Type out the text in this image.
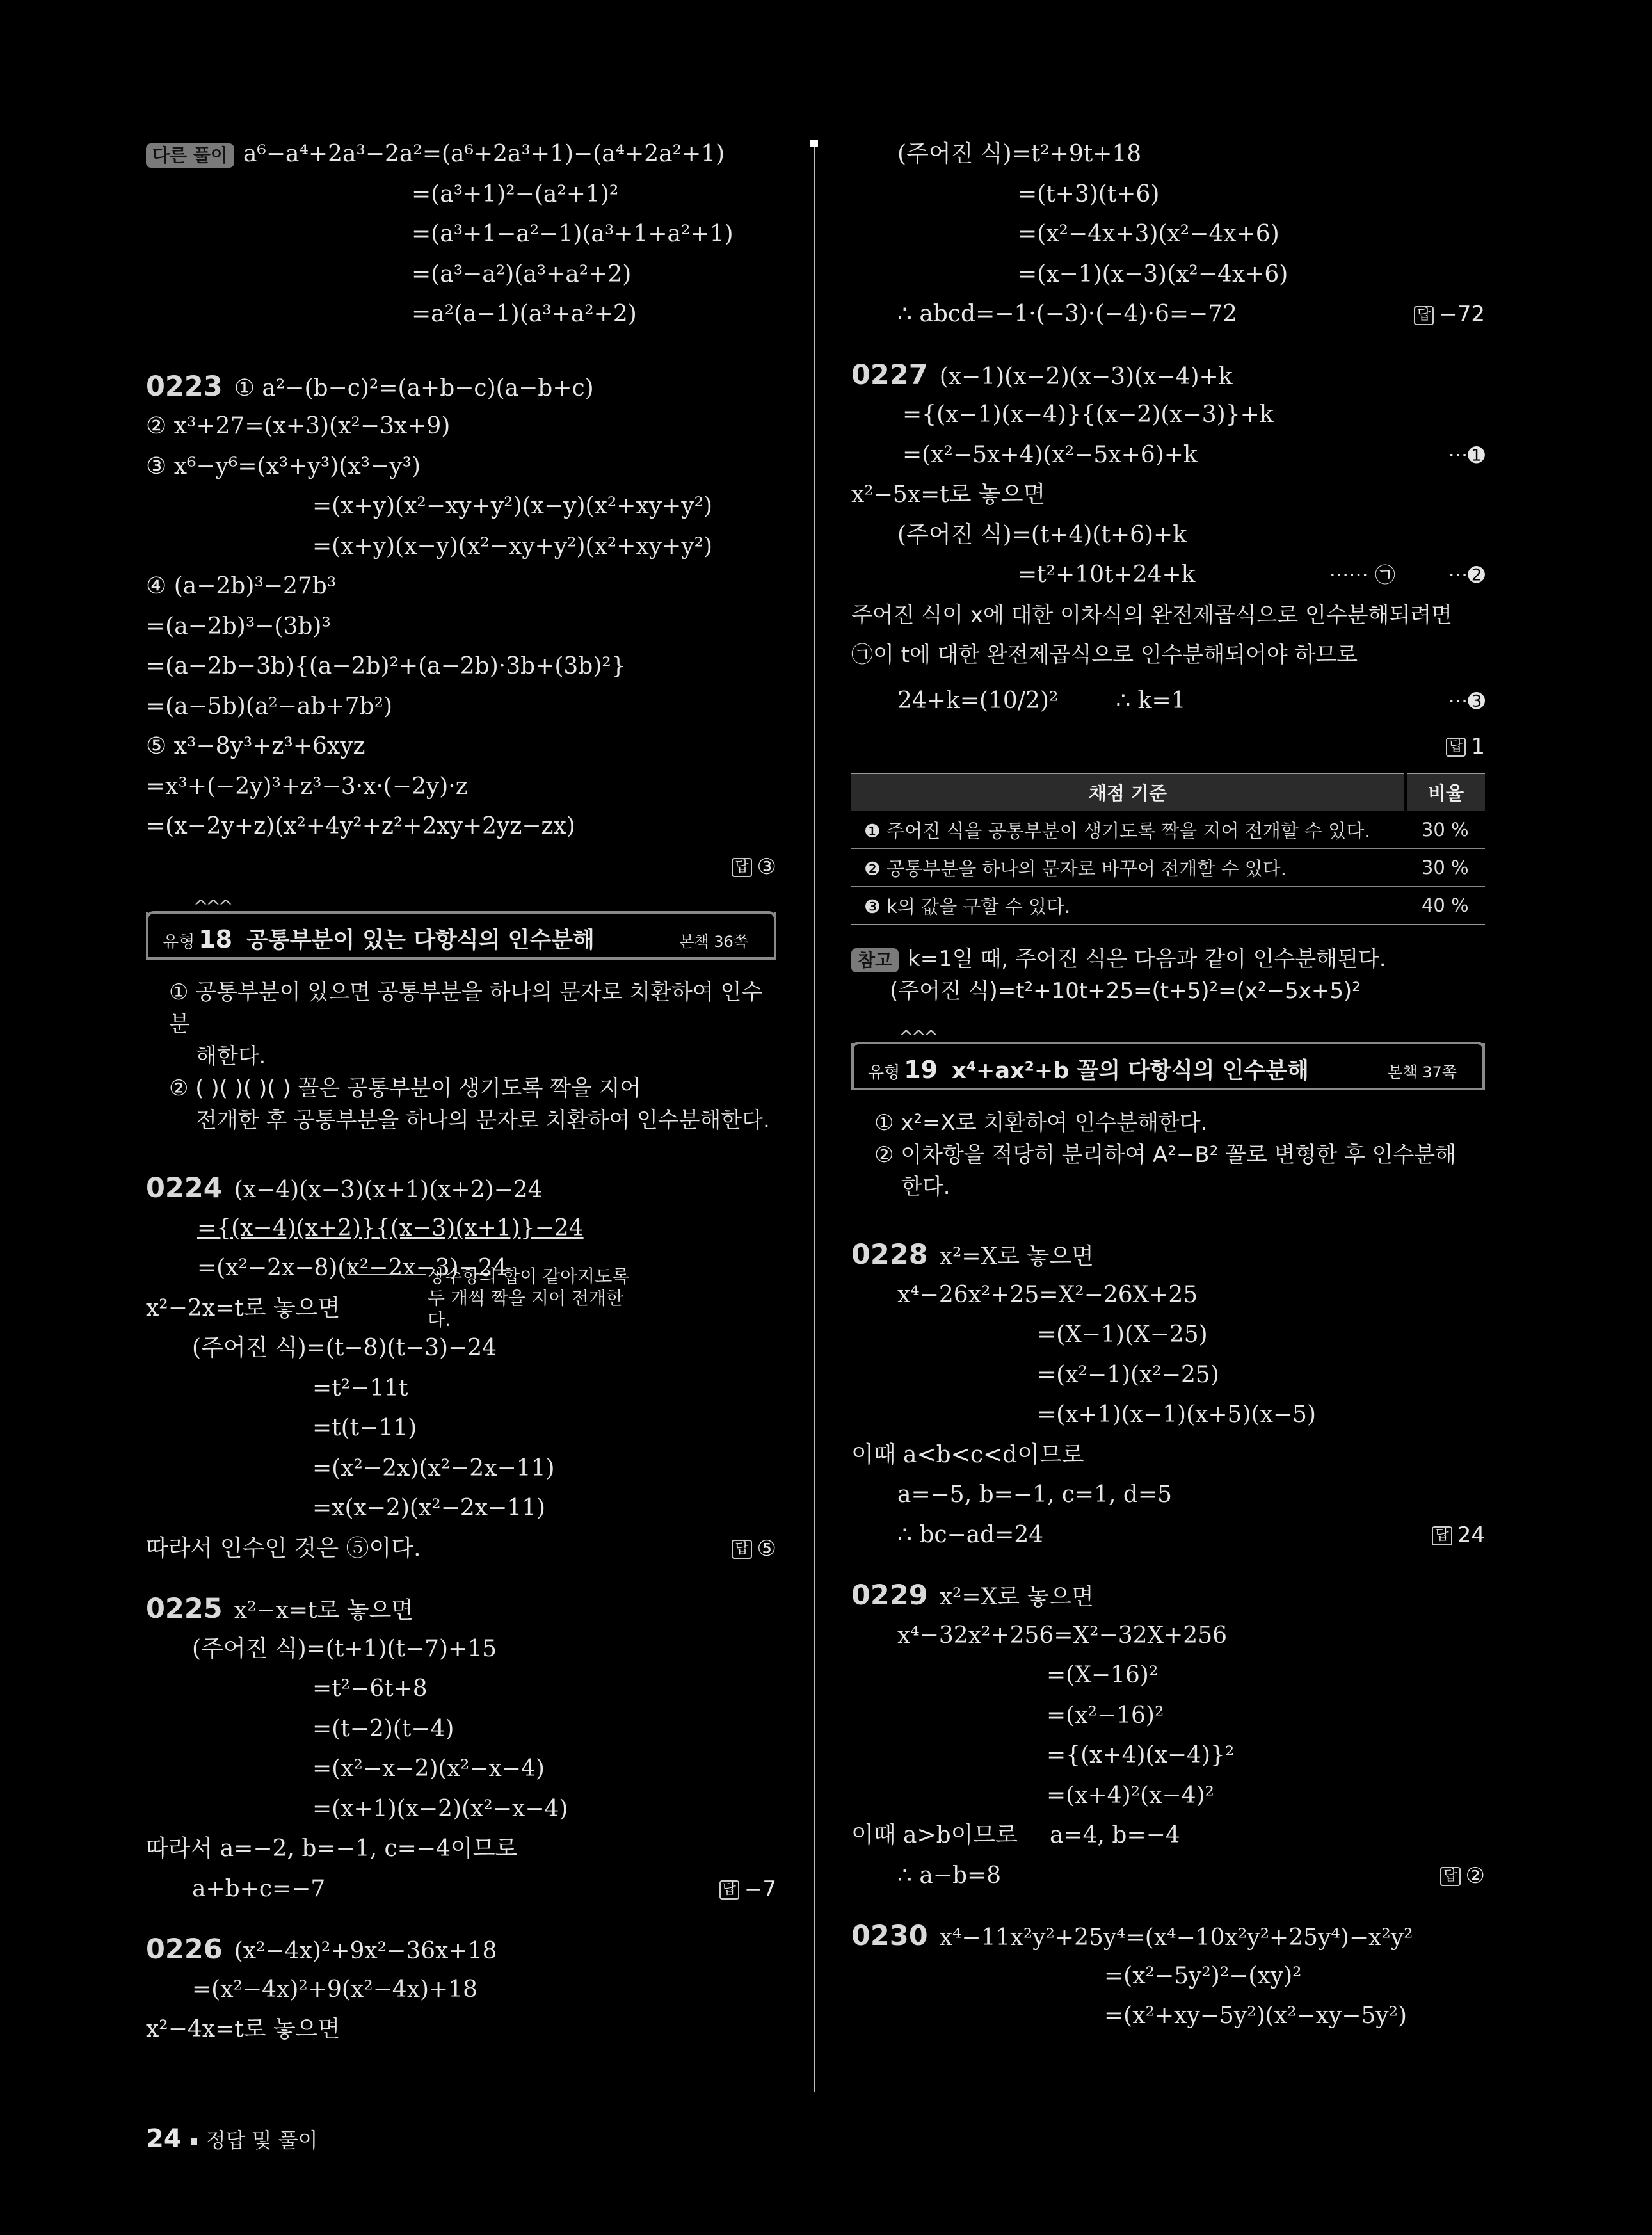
다른 풀이 a⁶−a⁴+2a³−2a²=(a⁶+2a³+1)−(a⁴+2a²+1)
=(a³+1)²−(a²+1)²
=(a³+1−a²−1)(a³+1+a²+1)
=(a³−a²)(a³+a²+2)
=a²(a−1)(a³+a²+2)
0223 ① a²−(b−c)²=(a+b−c)(a−b+c)
② x³+27=(x+3)(x²−3x+9)
③ x⁶−y⁶=(x³+y³)(x³−y³)
=(x+y)(x²−xy+y²)(x−y)(x²+xy+y²)
=(x+y)(x−y)(x²−xy+y²)(x²+xy+y²)
④ (a−2b)³−27b³
=(a−2b)³−(3b)³
=(a−2b−3b){(a−2b)²+(a−2b)·3b+(3b)²}
=(a−5b)(a²−ab+7b²)
⑤ x³−8y³+z³+6xyz
=x³+(−2y)³+z³−3·x·(−2y)·z
=(x−2y+z)(x²+4y²+z²+2xy+2yz−zx)
답 ③
^^^
유형 18 공통부분이 있는 다항식의 인수분해	본책 36쪽
① 공통부분이 있으면 공통부분을 하나의 문자로 치환하여 인수분
해한다.
② ( )( )( )( ) 꼴은 공통부분이 생기도록 짝을 지어
전개한 후 공통부분을 하나의 문자로 치환하여 인수분해한다.
0224 (x−4)(x−3)(x+1)(x+2)−24
={(x−4)(x+2)}{(x−3)(x+1)}−24
=(x²−2x−8)(x²−2x−3)−24
x²−2x=t로 놓으면
(주어진 식)=(t−8)(t−3)−24
=t²−11t
=t(t−11)
=(x²−2x)(x²−2x−11)
=x(x−2)(x²−2x−11)
따라서 인수인 것은 ⑤이다.	답 ⑤
0225 x²−x=t로 놓으면
(주어진 식)=(t+1)(t−7)+15
=t²−6t+8
=(t−2)(t−4)
=(x²−x−2)(x²−x−4)
=(x+1)(x−2)(x²−x−4)
따라서 a=−2, b=−1, c=−4이므로
a+b+c=−7	답 −7
0226 (x²−4x)²+9x²−36x+18
=(x²−4x)²+9(x²−4x)+18
x²−4x=t로 놓으면
상수항의 합이 같아지도록 두 개씩 짝을 지어 전개한다.
(주어진 식)=t²+9t+18
=(t+3)(t+6)
=(x²−4x+3)(x²−4x+6)
=(x−1)(x−3)(x²−4x+6)
∴ abcd=−1·(−3)·(−4)·6=−72	답 −72
0227 (x−1)(x−2)(x−3)(x−4)+k
={(x−1)(x−4)}{(x−2)(x−3)}+k
=(x²−5x+4)(x²−5x+6)+k	···➊
x²−5x=t로 놓으면
(주어진 식)=(t+4)(t+6)+k
=t²+10t+24+k	······ ㉠	···➋
주어진 식이 x에 대한 이차식의 완전제곱식으로 인수분해되려면
㉠이 t에 대한 완전제곱식으로 인수분해되어야 하므로
24+k=(10/2)²	∴ k=1	···➌
답 1
채점 기준	비율
❶ 주어진 식을 공통부분이 생기도록 짝을 지어 전개할 수 있다.	30 %
❷ 공통부분을 하나의 문자로 바꾸어 전개할 수 있다.	30 %
❸ k의 값을 구할 수 있다.	40 %
참고 k=1일 때, 주어진 식은 다음과 같이 인수분해된다.
(주어진 식)=t²+10t+25=(t+5)²=(x²−5x+5)²
^^^
유형 19 x⁴+ax²+b 꼴의 다항식의 인수분해	본책 37쪽
① x²=X로 치환하여 인수분해한다.
② 이차항을 적당히 분리하여 A²−B² 꼴로 변형한 후 인수분해
한다.
0228 x²=X로 놓으면
x⁴−26x²+25=X²−26X+25
=(X−1)(X−25)
=(x²−1)(x²−25)
=(x+1)(x−1)(x+5)(x−5)
이때 a<b<c<d이므로
a=−5, b=−1, c=1, d=5
∴ bc−ad=24	답 24
0229 x²=X로 놓으면
x⁴−32x²+256=X²−32X+256
=(X−16)²
=(x²−16)²
={(x+4)(x−4)}²
=(x+4)²(x−4)²
이때 a>b이므로 a=4, b=−4
∴ a−b=8	답 ②
0230 x⁴−11x²y²+25y⁴=(x⁴−10x²y²+25y⁴)−x²y²
=(x²−5y²)²−(xy)²
=(x²+xy−5y²)(x²−xy−5y²)
24 정답 및 풀이
